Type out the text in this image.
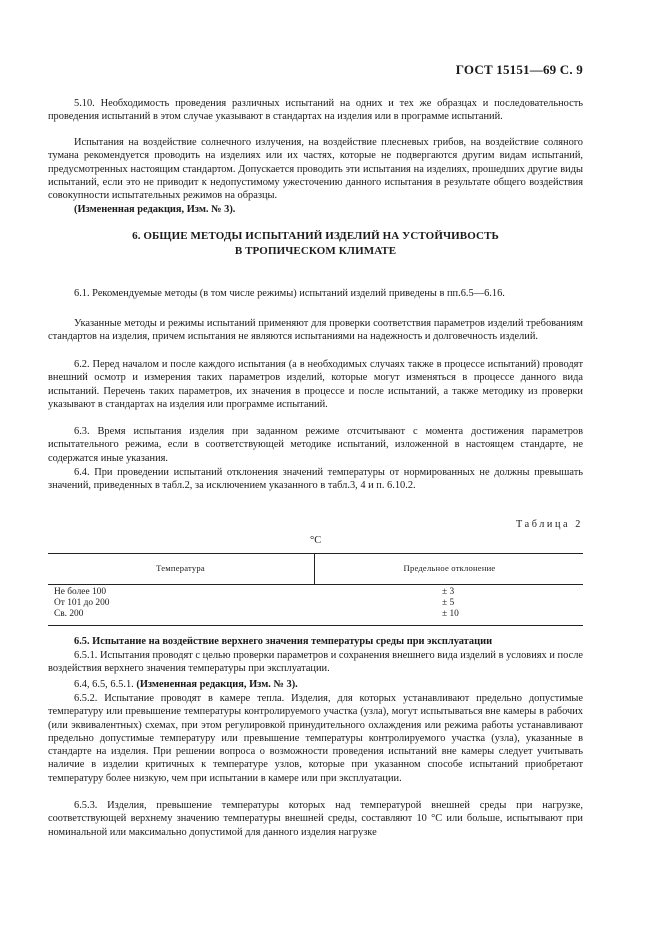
ГОСТ 15151—69 С. 9

5.10. Необходимость проведения различных испытаний на одних и тех же образцах и последовательность проведения испытаний в этом случае указывают в стандартах на изделия или в программе испытаний.

Испытания на воздействие солнечного излучения, на воздействие плесневых грибов, на воздействие соляного тумана рекомендуется проводить на изделиях или их частях, которые не подвергаются другим видам испытаний, предусмотренных настоящим стандартом. Допускается проводить эти испытания на изделиях, прошедших другие виды испытаний, если это не приводит к недопустимому ужесточению данного испытания в результате общего воздействия совокупности испытательных режимов на образцы.

(Измененная редакция, Изм. № 3).

6. ОБЩИЕ МЕТОДЫ ИСПЫТАНИЙ ИЗДЕЛИЙ НА УСТОЙЧИВОСТЬ
В ТРОПИЧЕСКОМ КЛИМАТЕ

6.1. Рекомендуемые методы (в том числе режимы) испытаний изделий приведены в пп.6.5—6.16.

Указанные методы и режимы испытаний применяют для проверки соответствия параметров изделий требованиям стандартов на изделия, причем испытания не являются испытаниями на надежность и долговечность изделий.

6.2. Перед началом и после каждого испытания (а в необходимых случаях также в процессе испытаний) проводят внешний осмотр и измерения таких параметров изделий, которые могут изменяться в процессе данного вида испытаний. Перечень таких параметров, их значения в процессе и после испытаний, а также методику из проверки указывают в стандартах на изделия или программе испытаний.

6.3. Время испытания изделия при заданном режиме отсчитывают с момента достижения параметров испытательного режима, если в соответствующей методике испытаний, изложенной в настоящем стандарте, не содержатся иные указания.

6.4. При проведении испытаний отклонения значений температуры от нормированных не должны превышать значений, приведенных в табл.2, за исключением указанного в табл.3, 4 и п. 6.10.2.

Таблица 2
°С
Температура	Предельное отклонение
Не более 100	± 3
От 101 до 200	± 5
Св. 200	± 10

6.5. Испытание на воздействие верхнего значения температуры среды при эксплуатации

6.5.1. Испытания проводят с целью проверки параметров и сохранения внешнего вида изделий в условиях и после воздействия верхнего значения температуры при эксплуатации.

6.4, 6.5, 6.5.1. (Измененная редакция, Изм. № 3).

6.5.2. Испытание проводят в камере тепла. Изделия, для которых устанавливают предельно допустимые температуру или превышение температуры контролируемого участка (узла), могут испытываться вне камеры в рабочих (или эквивалентных) схемах, при этом регулировкой принудительного охлаждения или режима работы устанавливают предельно допустимые температуру или превышение температуры контролируемого участка (узла), указанные в стандарте на изделия. При решении вопроса о возможности проведения испытаний вне камеры следует учитывать наличие в изделии критичных к температуре узлов, которые при указанном способе испытаний приобретают температуру более низкую, чем при испытании в камере или при эксплуатации.

6.5.3. Изделия, превышение температуры которых над температурой внешней среды при нагрузке, соответствующей верхнему значению температуры внешней среды, составляют 10 °С или больше, испытывают при номинальной или максимально допустимой для данного изделия нагрузке
